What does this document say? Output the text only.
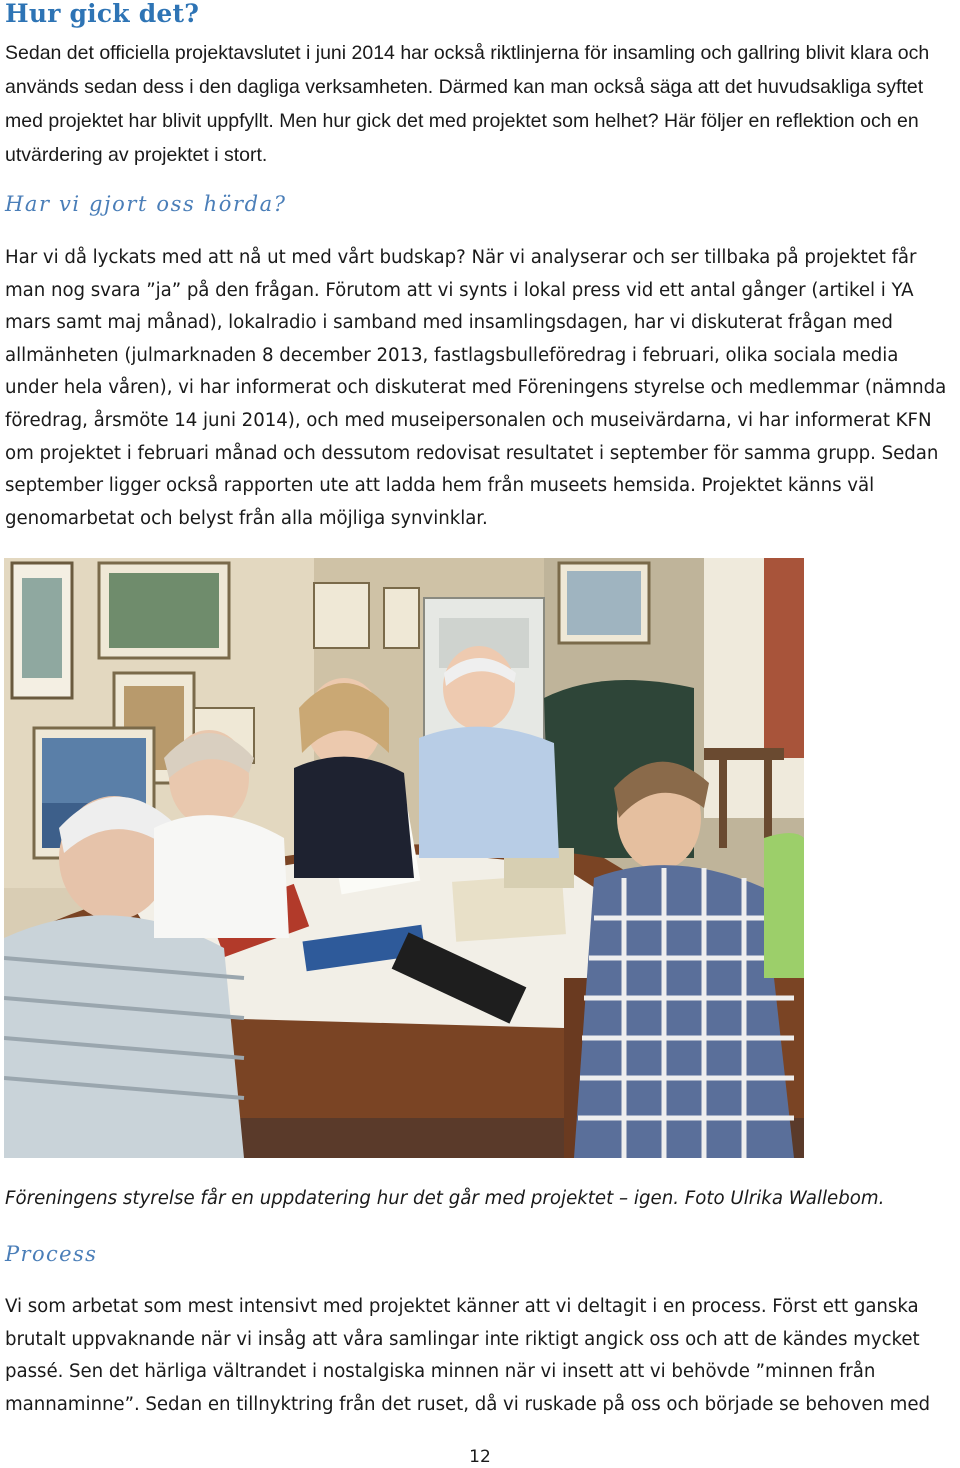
Hur gick det?
Sedan det officiella projektavslutet i juni 2014 har också riktlinjerna för insamling och gallring blivit klara och används sedan dess i den dagliga verksamheten. Därmed kan man också säga att det huvudsakliga syftet med projektet har blivit uppfyllt. Men hur gick det med projektet som helhet? Här följer en reflektion och en utvärdering av projektet i stort.
Har vi gjort oss hörda?
Har vi då lyckats med att nå ut med vårt budskap? När vi analyserar och ser tillbaka på projektet får man nog svara ”ja” på den frågan. Förutom att vi synts i lokal press vid ett antal gånger (artikel i YA mars samt maj månad), lokalradio i samband med insamlingsdagen, har vi diskuterat frågan med allmänheten (julmarknaden 8 december 2013, fastlagsbulleföredrag i februari, olika sociala media under hela våren), vi har informerat och diskuterat med Föreningens styrelse och medlemmar (nämnda föredrag, årsmöte 14 juni 2014), och med museipersonalen och museivärdarna, vi har informerat KFN om projektet i februari månad och dessutom redovisat resultatet i september för samma grupp. Sedan september ligger också rapporten ute att ladda hem från museets hemsida. Projektet känns väl genomarbetat och belyst från alla möjliga synvinklar.
Föreningens styrelse får en uppdatering hur det går med projektet – igen. Foto Ulrika Wallebom.
Process
Vi som arbetat som mest intensivt med projektet känner att vi deltagit i en process. Först ett ganska brutalt uppvaknande när vi insåg att våra samlingar inte riktigt angick oss och att de kändes mycket passé. Sen det härliga vältrandet i nostalgiska minnen när vi insett att vi behövde ”minnen från mannaminne”. Sedan en tillnyktring från det ruset, då vi ruskade på oss och började se behoven med
12
